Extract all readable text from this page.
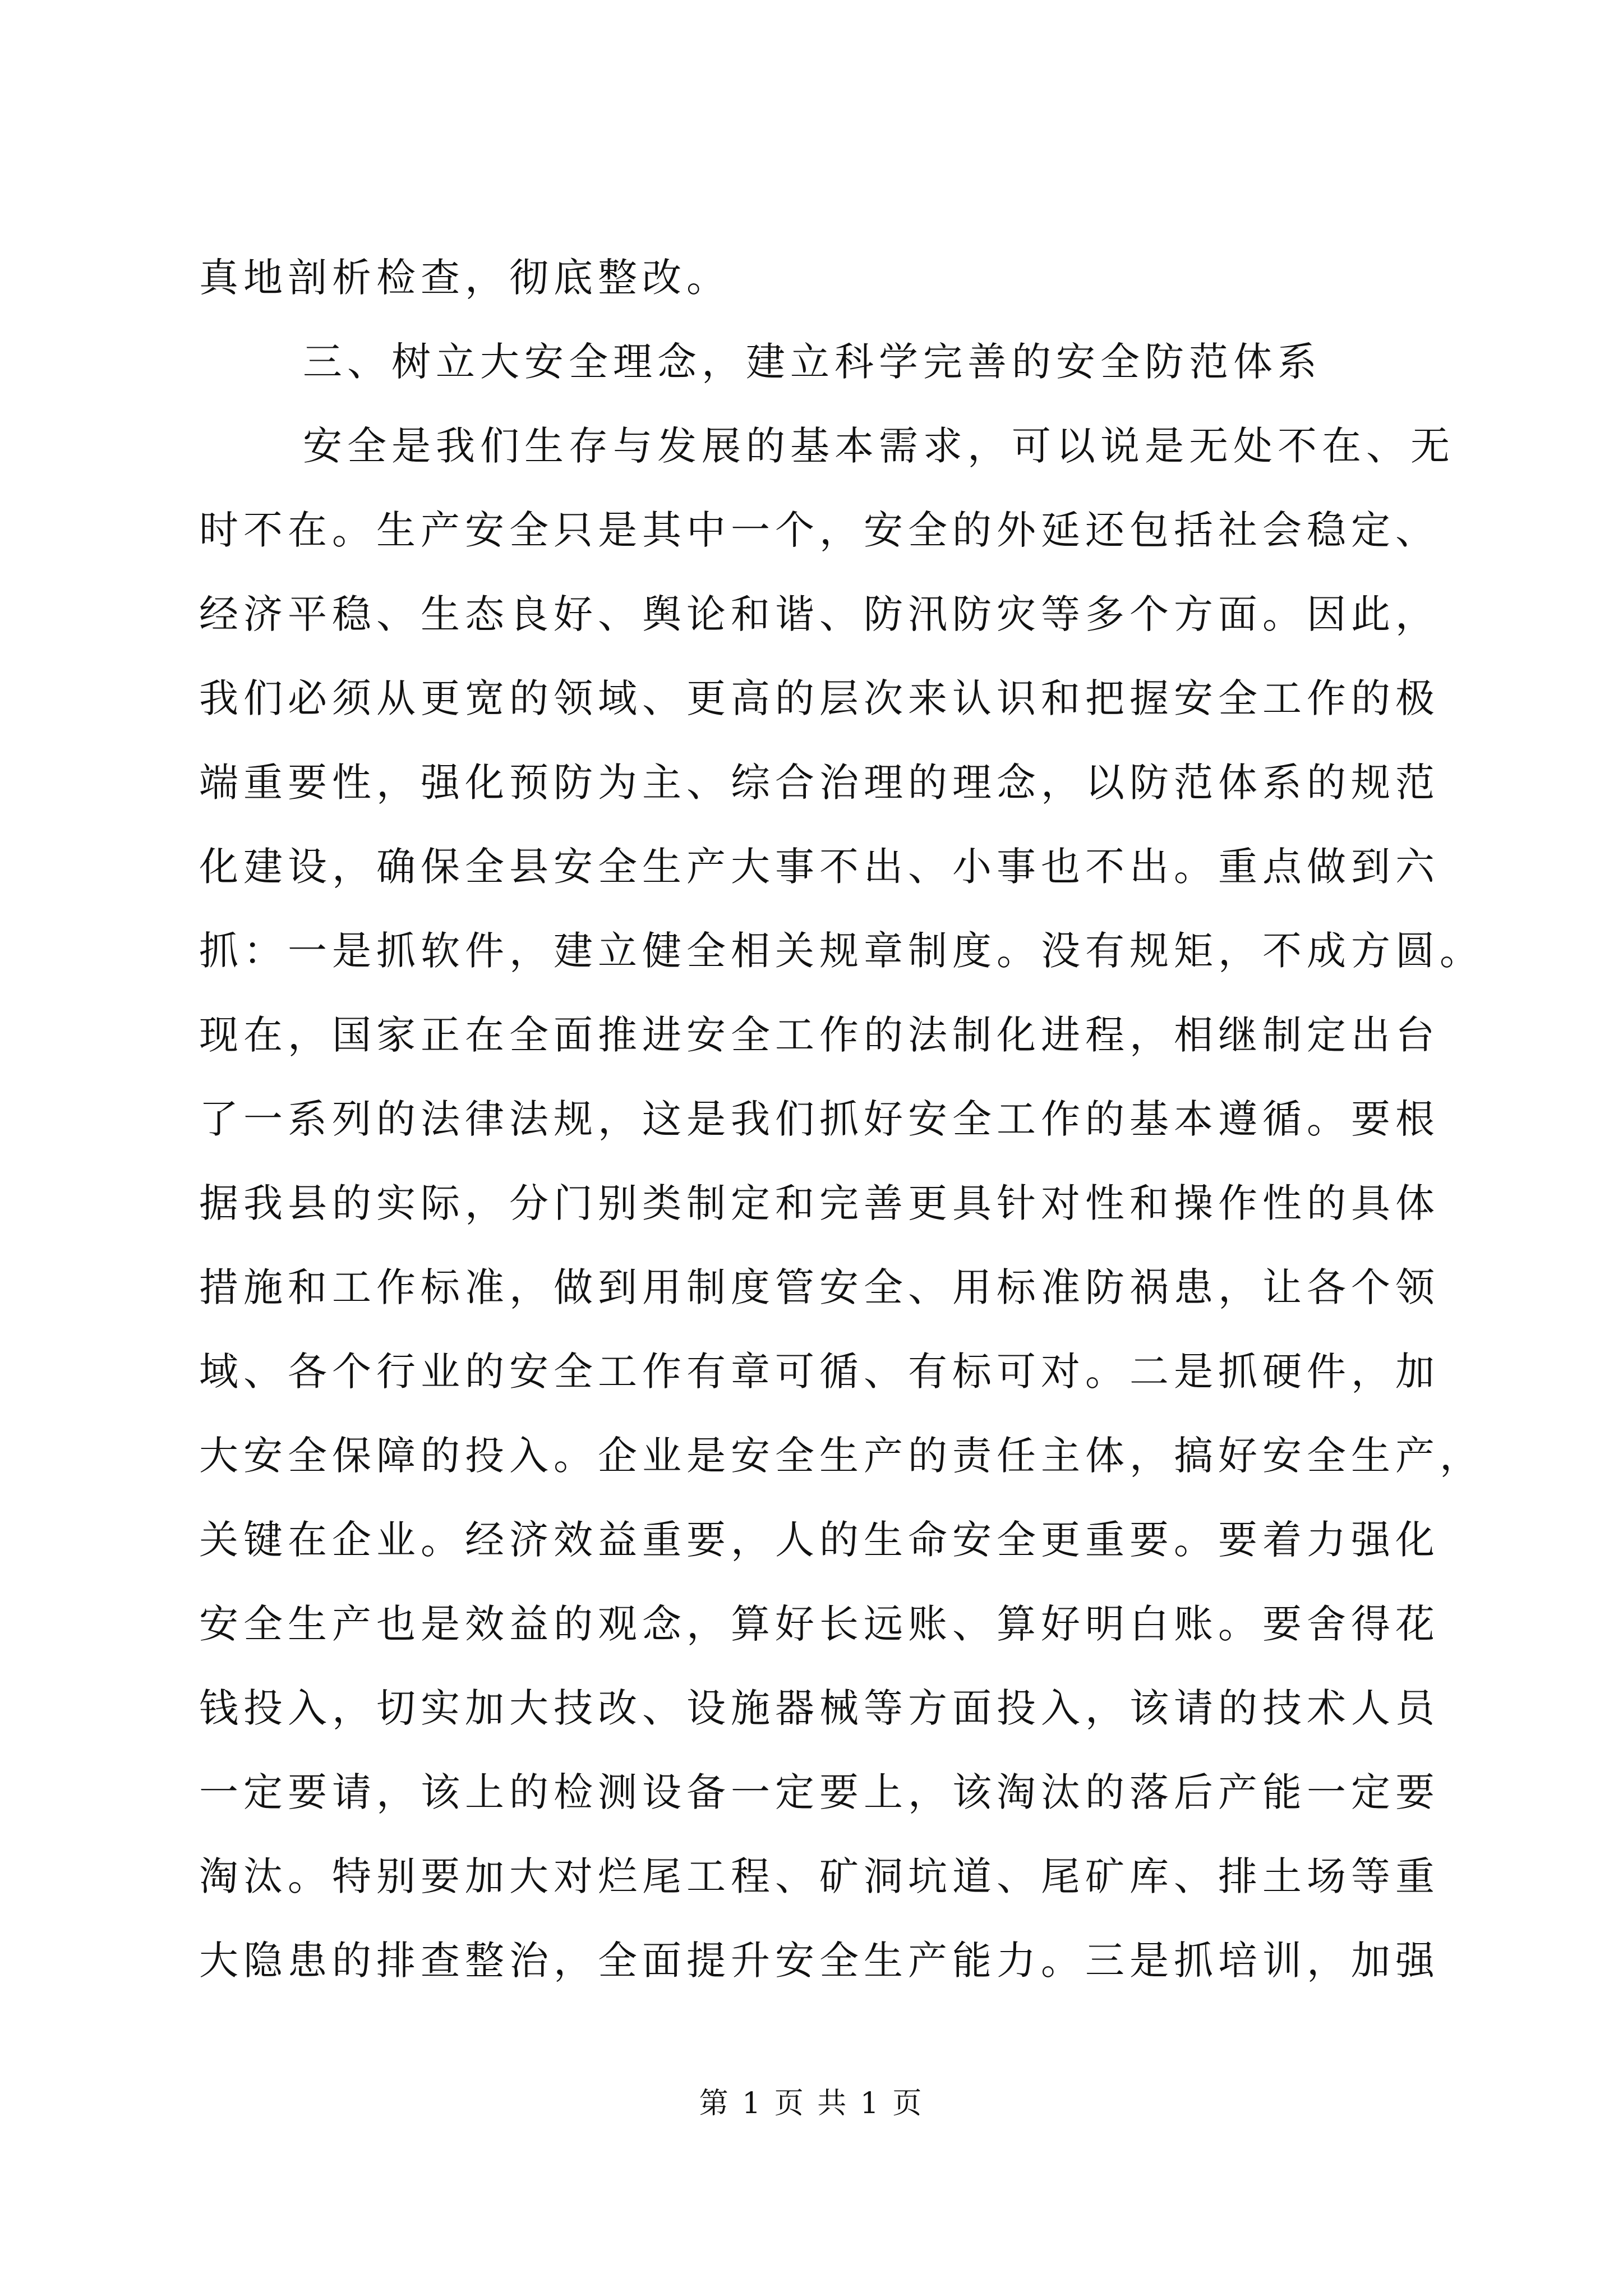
真地剖析检查，彻底整改。
三、树立大安全理念，建立科学完善的安全防范体系
安全是我们生存与发展的基本需求，可以说是无处不在、无
时不在。生产安全只是其中一个，安全的外延还包括社会稳定、
经济平稳、生态良好、舆论和谐、防汛防灾等多个方面。因此，
我们必须从更宽的领域、更高的层次来认识和把握安全工作的极
端重要性，强化预防为主、综合治理的理念，以防范体系的规范
化建设，确保全县安全生产大事不出、小事也不出。重点做到六
抓：一是抓软件，建立健全相关规章制度。没有规矩，不成方圆。
现在，国家正在全面推进安全工作的法制化进程，相继制定出台
了一系列的法律法规，这是我们抓好安全工作的基本遵循。要根
据我县的实际，分门别类制定和完善更具针对性和操作性的具体
措施和工作标准，做到用制度管安全、用标准防祸患，让各个领
域、各个行业的安全工作有章可循、有标可对。二是抓硬件，加
大安全保障的投入。企业是安全生产的责任主体，搞好安全生产，
关键在企业。经济效益重要，人的生命安全更重要。要着力强化
安全生产也是效益的观念，算好长远账、算好明白账。要舍得花
钱投入，切实加大技改、设施器械等方面投入，该请的技术人员
一定要请，该上的检测设备一定要上，该淘汰的落后产能一定要
淘汰。特别要加大对烂尾工程、矿洞坑道、尾矿库、排土场等重
大隐患的排查整治，全面提升安全生产能力。三是抓培训，加强
第 1 页 共 1 页
